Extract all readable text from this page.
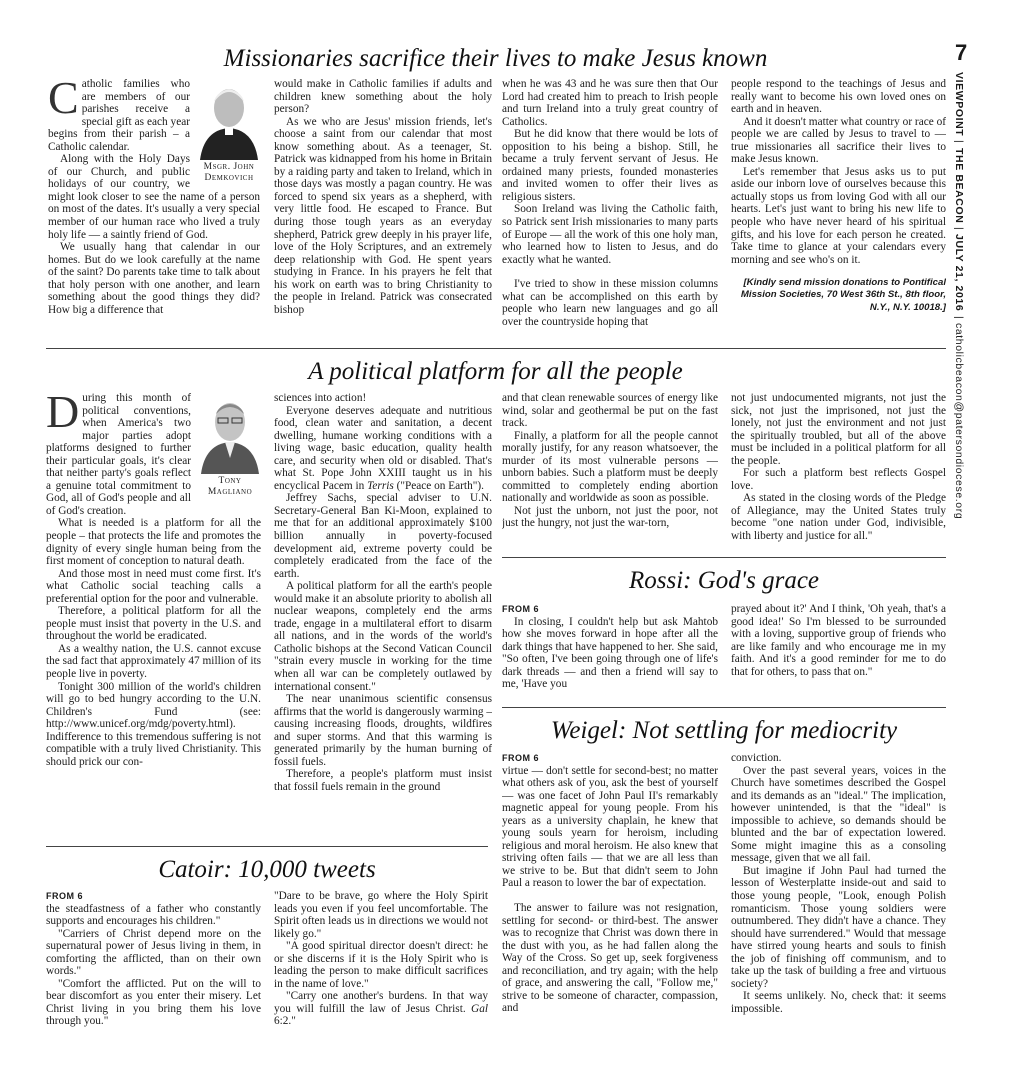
7
VIEWPOINT
|
THE BEACON
|
JULY 21, 2016
|
catholicbeacon@patersondiocese.org
Missionaries sacrifice their lives to make Jesus known
Msgr. John
Demkovich

Catholic families who are members of our parishes receive a special gift as each year begins from their parish – a Catholic calendar.

Along with the Holy Days of our Church, and public holidays of our country, we might look closer to see the name of a person on most of the dates. It's usually a very special member of our human race who lived a truly holy life — a saintly friend of God.

We usually hang that calendar in our homes. But do we look carefully at the name of the saint? Do parents take time to talk about that holy person with one another, and learn something about the good things they did? How big a difference that

would make in Catholic families if adults and children knew something about the holy person?

As we who are Jesus' mission friends, let's choose a saint from our calendar that most know something about. As a teenager, St. Patrick was kidnapped from his home in Britain by a raiding party and taken to Ireland, which in those days was mostly a pagan country. He was forced to spend six years as a shepherd, with very little food. He escaped to France. But during those tough years as an everyday shepherd, Patrick grew deeply in his prayer life, love of the Holy Scriptures, and an extremely deep relationship with God. He spent years studying in France. In his prayers he felt that his work on earth was to bring Christianity to the people in Ireland. Patrick was consecrated bishop

when he was 43 and he was sure then that Our Lord had created him to preach to Irish people and turn Ireland into a truly great country of Catholics.

But he did know that there would be lots of opposition to his being a bishop. Still, he became a truly fervent servant of Jesus. He ordained many priests, founded monasteries and invited women to offer their lives as religious sisters.

Soon Ireland was living the Catholic faith, so Patrick sent Irish missionaries to many parts of Europe — all the work of this one holy man, who learned how to listen to Jesus, and do exactly what he wanted.

I've tried to show in these mission columns what can be accomplished on this earth by people who learn new languages and go all over the countryside hoping that

people respond to the teachings of Jesus and really want to become his own loved ones on earth and in heaven.

And it doesn't matter what country or race of people we are called by Jesus to travel to — true missionaries all sacrifice their lives to make Jesus known.

Let's remember that Jesus asks us to put aside our inborn love of ourselves because this actually stops us from loving God with all our hearts. Let's just want to bring his new life to people who have never heard of his spiritual gifts, and his love for each person he created. Take time to glance at your calendars every morning and see who's on it.

[Kindly send mission donations to Pontifical Mission Societies, 70 West 36th St., 8th floor, N.Y., N.Y. 10018.]
A political platform for all the people
Tony
Magliano

During this month of political conventions, when America's two major parties adopt platforms designed to further their particular goals, it's clear that neither party's goals reflect a genuine total commitment to God, all of God's people and all of God's creation.

What is needed is a platform for all the people – that protects the life and promotes the dignity of every single human being from the first moment of conception to natural death.

And those most in need must come first. It's what Catholic social teaching calls a preferential option for the poor and vulnerable.

Therefore, a political platform for all the people must insist that poverty in the U.S. and throughout the world be eradicated.

As a wealthy nation, the U.S. cannot excuse the sad fact that approximately 47 million of its people live in poverty.

Tonight 300 million of the world's children will go to bed hungry according to the U.N. Children's Fund (see: http://www.unicef.org/mdg/poverty.html). Indifference to this tremendous suffering is not compatible with a truly lived Christianity. This should prick our con-

sciences into action!

Everyone deserves adequate and nutritious food, clean water and sanitation, a decent dwelling, humane working conditions with a living wage, basic education, quality health care, and security when old or disabled. That's what St. Pope John XXIII taught us in his encyclical Pacem in Terris ("Peace on Earth").

Jeffrey Sachs, special adviser to U.N. Secretary-General Ban Ki-Moon, explained to me that for an additional approximately $100 billion annually in poverty-focused development aid, extreme poverty could be completely eradicated from the face of the earth.

A political platform for all the earth's people would make it an absolute priority to abolish all nuclear weapons, completely end the arms trade, engage in a multilateral effort to disarm all nations, and in the words of the world's Catholic bishops at the Second Vatican Council "strain every muscle in working for the time when all war can be completely outlawed by international consent."

The near unanimous scientific consensus affirms that the world is dangerously warming – causing increasing floods, droughts, wildfires and super storms. And that this warming is generated primarily by the human burning of fossil fuels.

Therefore, a people's platform must insist that fossil fuels remain in the ground

and that clean renewable sources of energy like wind, solar and geothermal be put on the fast track.

Finally, a platform for all the people cannot morally justify, for any reason whatsoever, the murder of its most vulnerable persons — unborn babies. Such a platform must be deeply committed to completely ending abortion nationally and worldwide as soon as possible.

Not just the unborn, not just the poor, not just the hungry, not just the war-torn,

not just undocumented migrants, not just the sick, not just the imprisoned, not just the lonely, not just the environment and not just the spiritually troubled, but all of the above must be included in a political platform for all the people.

For such a platform best reflects Gospel love.

As stated in the closing words of the Pledge of Allegiance, may the United States truly become "one nation under God, indivisible, with liberty and justice for all."

Rossi: God's grace

FROM 6

In closing, I couldn't help but ask Mahtob how she moves forward in hope after all the dark things that have happened to her. She said, "So often, I've been going through one of life's dark threads — and then a friend will say to me, 'Have you

prayed about it?' And I think, 'Oh yeah, that's a good idea!' So I'm blessed to be surrounded with a loving, supportive group of friends who are like family and who encourage me in my faith. And it's a good reminder for me to do that for others, to pass that on."

Weigel: Not settling for mediocrity

FROM 6

virtue — don't settle for second-best; no matter what others ask of you, ask the best of yourself — was one facet of John Paul II's remarkably magnetic appeal for young people. From his years as a university chaplain, he knew that young souls yearn for heroism, including religious and moral heroism. He also knew that striving often fails — that we are all less than we strive to be. But that didn't seem to John Paul a reason to lower the bar of expectation.

The answer to failure was not resignation, settling for second- or third-best. The answer was to recognize that Christ was down there in the dust with you, as he had fallen along the Way of the Cross. So get up, seek forgiveness and reconciliation, and try again; with the help of grace, and answering the call, "Follow me," strive to be someone of character, compassion, and

conviction.

Over the past several years, voices in the Church have sometimes described the Gospel and its demands as an "ideal." The implication, however unintended, is that the "ideal" is impossible to achieve, so demands should be blunted and the bar of expectation lowered. Some might imagine this as a consoling message, given that we all fail.

But imagine if John Paul had turned the lesson of Westerplatte inside-out and said to those young people, "Look, enough Polish romanticism. Those young soldiers were outnumbered. They didn't have a chance. They should have surrendered." Would that message have stirred young hearts and souls to finish the job of finishing off communism, and to take up the task of building a free and virtuous society?

It seems unlikely. No, check that: it seems impossible.

Catoir: 10,000 tweets

FROM 6

the steadfastness of a father who constantly supports and encourages his children."

"Carriers of Christ depend more on the supernatural power of Jesus living in them, in comforting the afflicted, than on their own words."

"Comfort the afflicted. Put on the will to bear discomfort as you enter their misery. Let Christ living in you bring them his love through you."

"Dare to be brave, go where the Holy Spirit leads you even if you feel uncomfortable. The Spirit often leads us in directions we would not likely go."

"A good spiritual director doesn't direct: he or she discerns if it is the Holy Spirit who is leading the person to make difficult sacrifices in the name of love."

"Carry one another's burdens. In that way you will fulfill the law of Jesus Christ. Gal 6:2."
